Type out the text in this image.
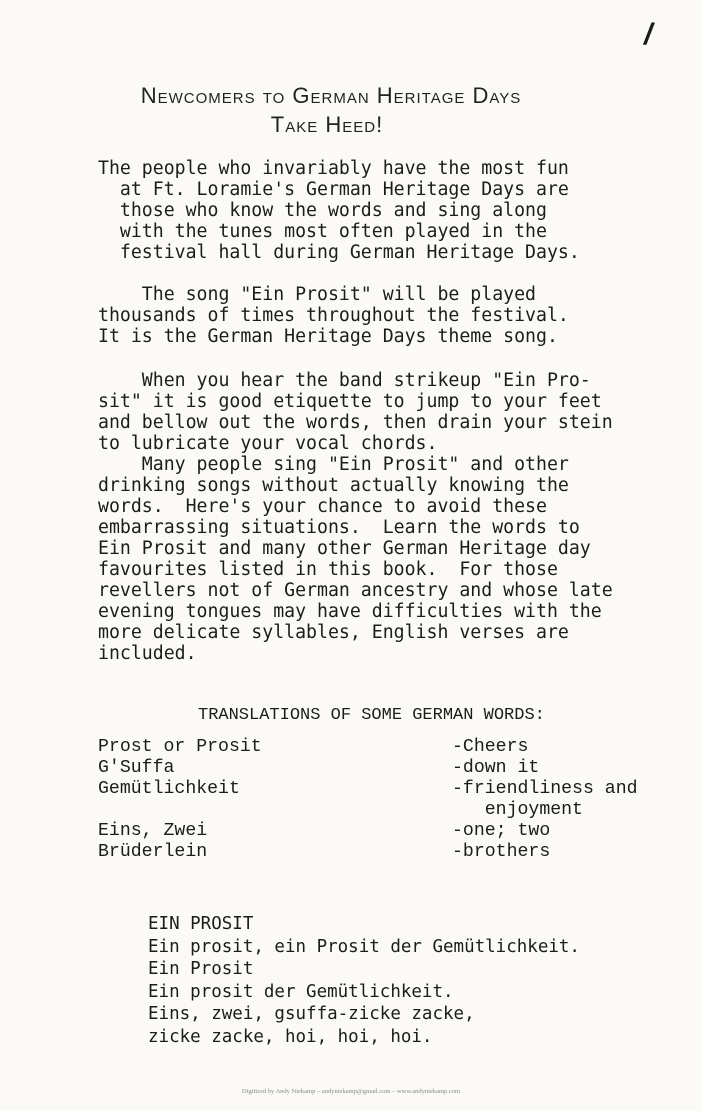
/
Newcomers to German Heritage Days
Take Heed!
The people who invariably have the most fun
at Ft. Loramie's German Heritage Days are
those who know the words and sing along
with the tunes most often played in the
festival hall during German Heritage Days.
The song "Ein Prosit" will be played
thousands of times throughout the festival.
It is the German Heritage Days theme song.
When you hear the band strikeup "Ein Pro-
sit" it is good etiquette to jump to your feet
and bellow out the words, then drain your stein
to lubricate your vocal chords.
Many people sing "Ein Prosit" and other
drinking songs without actually knowing the
words.  Here's your chance to avoid these
embarrassing situations.  Learn the words to
Ein Prosit and many other German Heritage day
favourites listed in this book.  For those
revellers not of German ancestry and whose late
evening tongues may have difficulties with the
more delicate syllables, English verses are
included.
TRANSLATIONS OF SOME GERMAN WORDS:
Prost or Prosit	-Cheers
G'Suffa	-down it
Gemütlichkeit	-friendliness and
enjoyment
Eins, Zwei	-one; two
Brüderlein	-brothers
EIN PROSIT
Ein prosit, ein Prosit der Gemütlichkeit.
Ein Prosit
Ein prosit der Gemütlichkeit.
Eins, zwei, gsuffa-zicke zacke,
zicke zacke, hoi, hoi, hoi.
Digitized by Andy Niekamp – andyniekamp@gmail.com – www.andyniekamp.com
